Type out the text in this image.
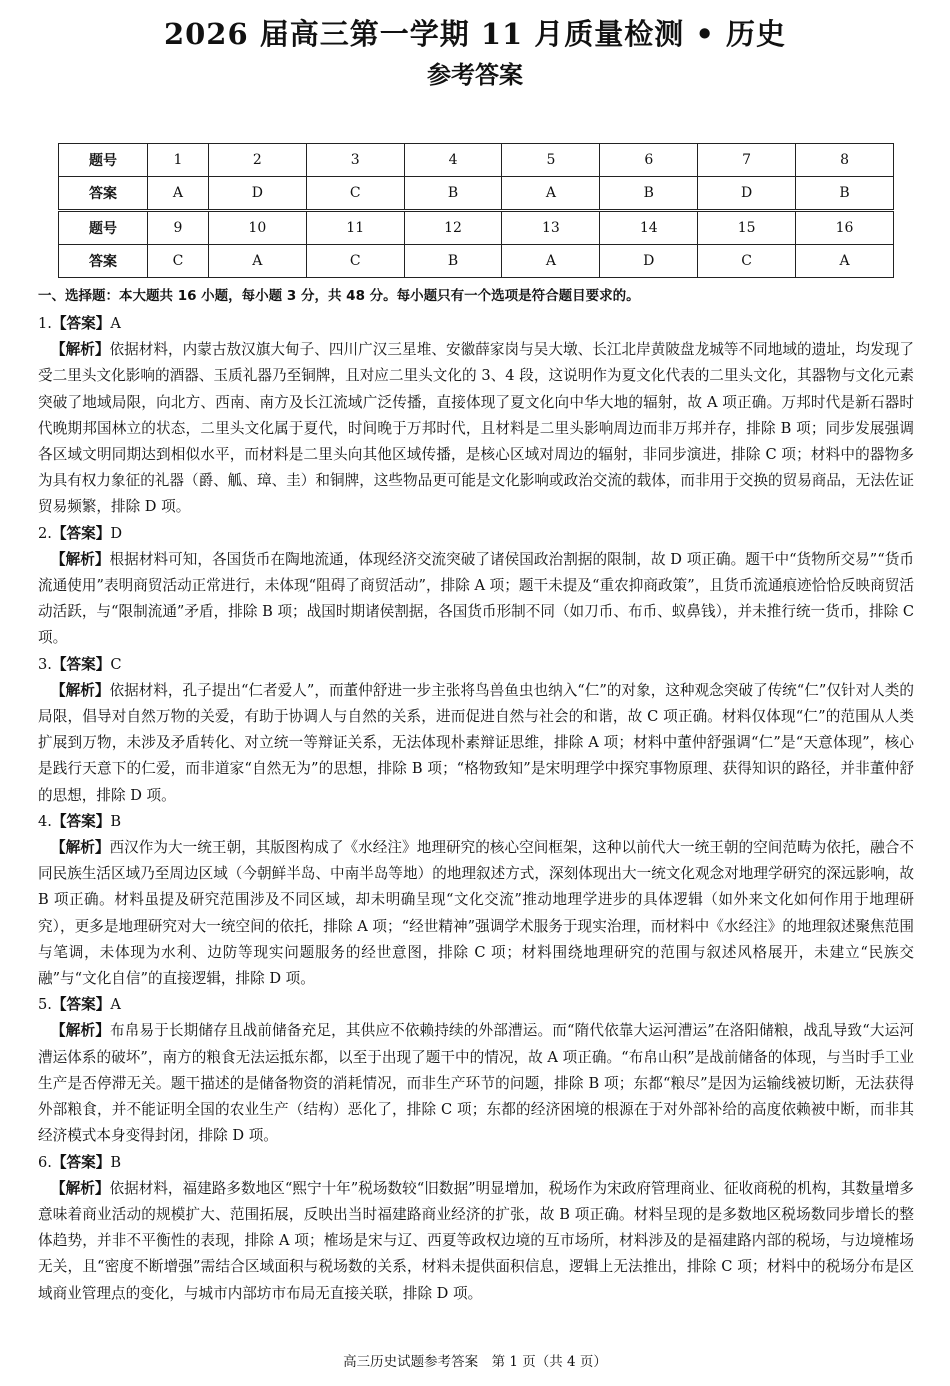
2026 届高三第一学期 11 月质量检测 • 历史
参考答案
题号	1	2	3	4	5	6	7	8
答案	A	D	C	B	A	B	D	B
题号	9	10	11	12	13	14	15	16
答案	C	A	C	B	A	D	C	A
一、选择题：本大题共 16 小题，每小题 3 分，共 48 分。每小题只有一个选项是符合题目要求的。

1.【答案】A

【解析】依据材料，内蒙古敖汉旗大甸子、四川广汉三星堆、安徽薛家岗与吴大墩、长江北岸黄陂盘龙城等不同地域的遗址，均发现了受二里头文化影响的酒器、玉质礼器乃至铜牌，且对应二里头文化的 3、4 段，这说明作为夏文化代表的二里头文化，其器物与文化元素突破了地域局限，向北方、西南、南方及长江流域广泛传播，直接体现了夏文化向中华大地的辐射，故 A 项正确。万邦时代是新石器时代晚期邦国林立的状态，二里头文化属于夏代，时间晚于万邦时代，且材料是二里头影响周边而非万邦并存，排除 B 项；同步发展强调各区域文明同期达到相似水平，而材料是二里头向其他区域传播，是核心区域对周边的辐射，非同步演进，排除 C 项；材料中的器物多为具有权力象征的礼器（爵、觚、璋、圭）和铜牌，这些物品更可能是文化影响或政治交流的载体，而非用于交换的贸易商品，无法佐证贸易频繁，排除 D 项。

2.【答案】D

【解析】根据材料可知，各国货币在陶地流通，体现经济交流突破了诸侯国政治割据的限制，故 D 项正确。题干中“货物所交易”“货币流通使用”表明商贸活动正常进行，未体现“阻碍了商贸活动”，排除 A 项；题干未提及“重农抑商政策”，且货币流通痕迹恰恰反映商贸活动活跃，与“限制流通”矛盾，排除 B 项；战国时期诸侯割据，各国货币形制不同（如刀币、布币、蚁鼻钱），并未推行统一货币，排除 C 项。

3.【答案】C

【解析】依据材料，孔子提出“仁者爱人”，而董仲舒进一步主张将鸟兽鱼虫也纳入“仁”的对象，这种观念突破了传统“仁”仅针对人类的局限，倡导对自然万物的关爱，有助于协调人与自然的关系，进而促进自然与社会的和谐，故 C 项正确。材料仅体现“仁”的范围从人类扩展到万物，未涉及矛盾转化、对立统一等辩证关系，无法体现朴素辩证思维，排除 A 项；材料中董仲舒强调“仁”是“天意体现”，核心是践行天意下的仁爱，而非道家“自然无为”的思想，排除 B 项；“格物致知”是宋明理学中探究事物原理、获得知识的路径，并非董仲舒的思想，排除 D 项。

4.【答案】B

【解析】西汉作为大一统王朝，其版图构成了《水经注》地理研究的核心空间框架，这种以前代大一统王朝的空间范畴为依托，融合不同民族生活区域乃至周边区域（今朝鲜半岛、中南半岛等地）的地理叙述方式，深刻体现出大一统文化观念对地理学研究的深远影响，故 B 项正确。材料虽提及研究范围涉及不同区域，却未明确呈现“文化交流”推动地理学进步的具体逻辑（如外来文化如何作用于地理研究），更多是地理研究对大一统空间的依托，排除 A 项；“经世精神”强调学术服务于现实治理，而材料中《水经注》的地理叙述聚焦范围与笔调，未体现为水利、边防等现实问题服务的经世意图，排除 C 项；材料围绕地理研究的范围与叙述风格展开，未建立“民族交融”与“文化自信”的直接逻辑，排除 D 项。

5.【答案】A

【解析】布帛易于长期储存且战前储备充足，其供应不依赖持续的外部漕运。而“隋代依靠大运河漕运”在洛阳储粮，战乱导致“大运河漕运体系的破坏”，南方的粮食无法运抵东都，以至于出现了题干中的情况，故 A 项正确。“布帛山积”是战前储备的体现，与当时手工业生产是否停滞无关。题干描述的是储备物资的消耗情况，而非生产环节的问题，排除 B 项；东都“粮尽”是因为运输线被切断，无法获得外部粮食，并不能证明全国的农业生产（结构）恶化了，排除 C 项；东都的经济困境的根源在于对外部补给的高度依赖被中断，而非其经济模式本身变得封闭，排除 D 项。

6.【答案】B

【解析】依据材料，福建路多数地区“熙宁十年”税场数较“旧数据”明显增加，税场作为宋政府管理商业、征收商税的机构，其数量增多意味着商业活动的规模扩大、范围拓展，反映出当时福建路商业经济的扩张，故 B 项正确。材料呈现的是多数地区税场数同步增长的整体趋势，并非不平衡性的表现，排除 A 项；榷场是宋与辽、西夏等政权边境的互市场所，材料涉及的是福建路内部的税场，与边境榷场无关，且“密度不断增强”需结合区域面积与税场数的关系，材料未提供面积信息，逻辑上无法推出，排除 C 项；材料中的税场分布是区域商业管理点的变化，与城市内部坊市布局无直接关联，排除 D 项。

高三历史试题参考答案　第 1 页（共 4 页）
